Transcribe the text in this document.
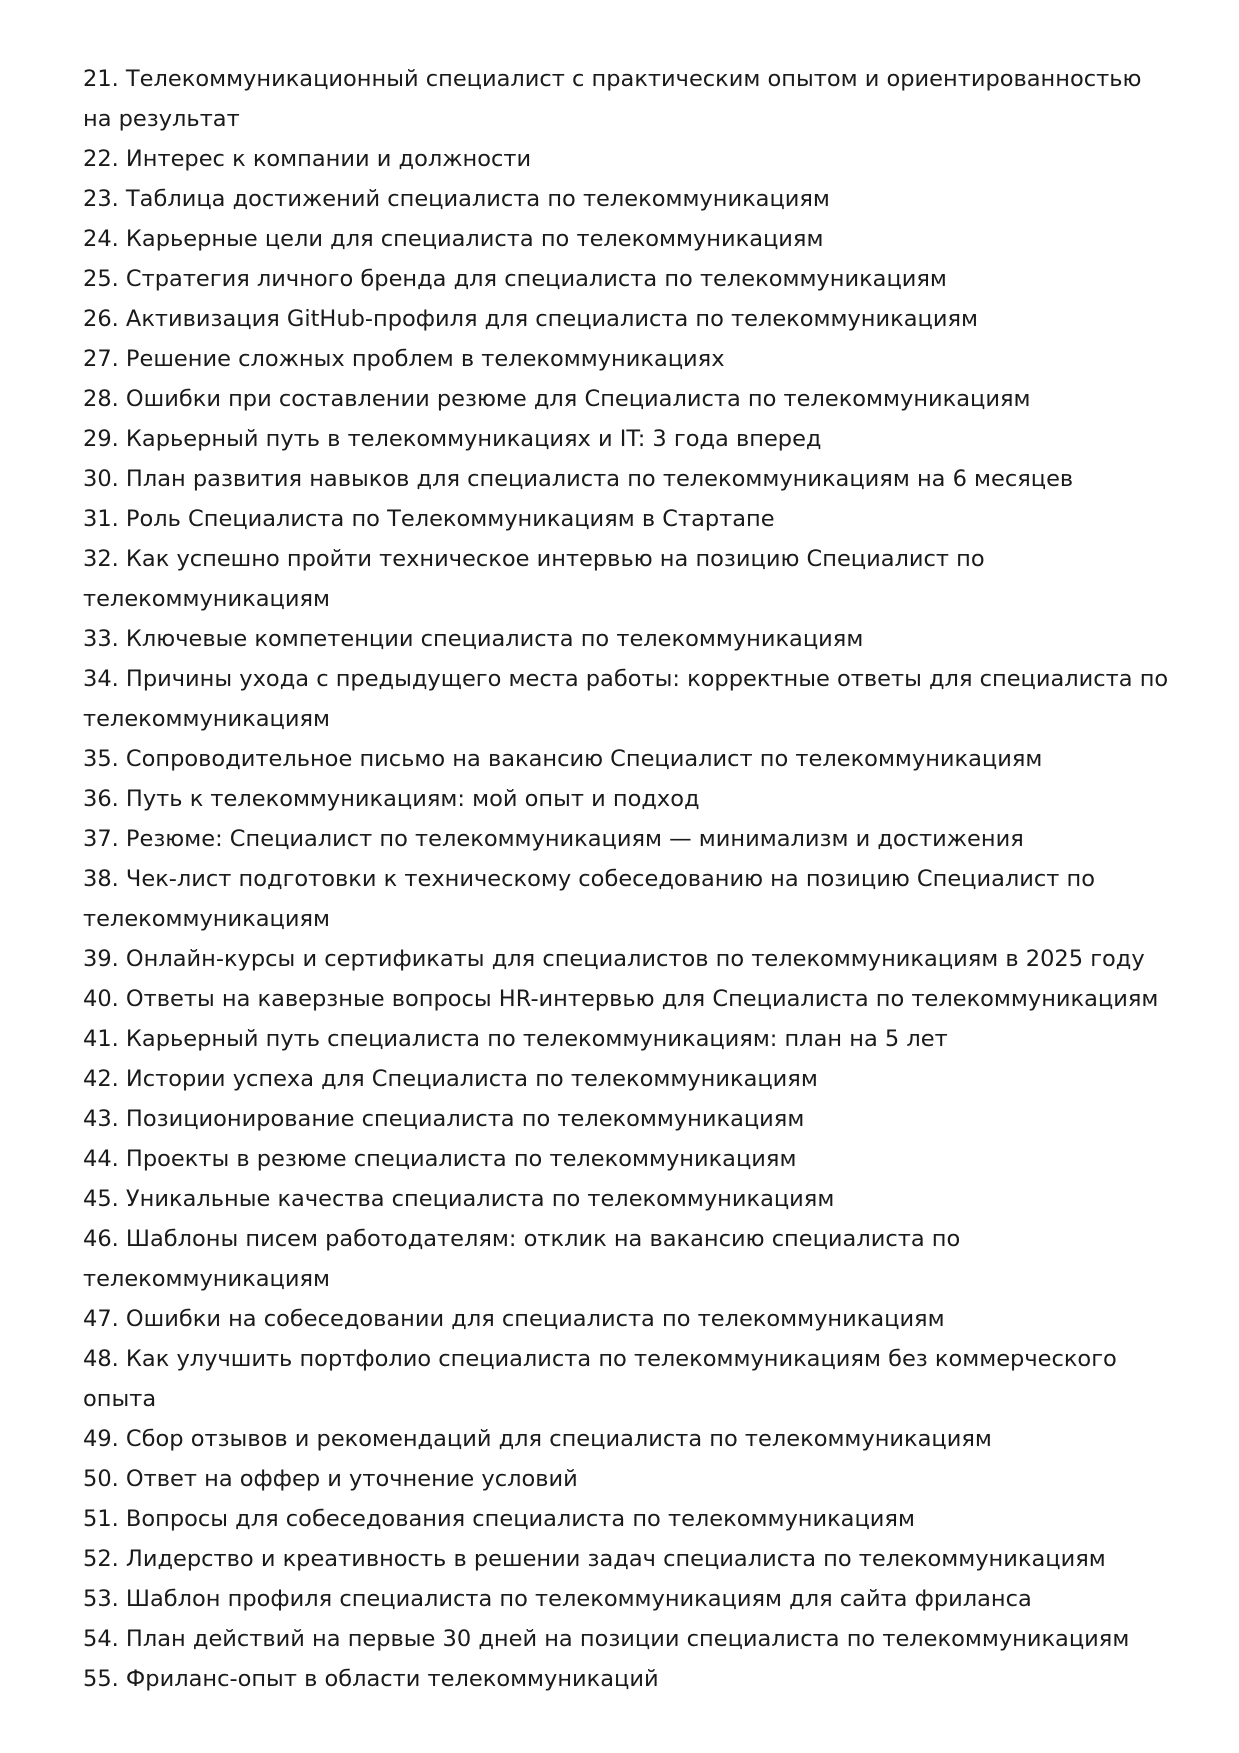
21. Телекоммуникационный специалист с практическим опытом и ориентированностью на результат
22. Интерес к компании и должности
23. Таблица достижений специалиста по телекоммуникациям
24. Карьерные цели для специалиста по телекоммуникациям
25. Стратегия личного бренда для специалиста по телекоммуникациям
26. Активизация GitHub-профиля для специалиста по телекоммуникациям
27. Решение сложных проблем в телекоммуникациях
28. Ошибки при составлении резюме для Специалиста по телекоммуникациям
29. Карьерный путь в телекоммуникациях и IT: 3 года вперед
30. План развития навыков для специалиста по телекоммуникациям на 6 месяцев
31. Роль Специалиста по Телекоммуникациям в Стартапе
32. Как успешно пройти техническое интервью на позицию Специалист по телекоммуникациям
33. Ключевые компетенции специалиста по телекоммуникациям
34. Причины ухода с предыдущего места работы: корректные ответы для специалиста по телекоммуникациям
35. Сопроводительное письмо на вакансию Специалист по телекоммуникациям
36. Путь к телекоммуникациям: мой опыт и подход
37. Резюме: Специалист по телекоммуникациям — минимализм и достижения
38. Чек-лист подготовки к техническому собеседованию на позицию Специалист по телекоммуникациям
39. Онлайн-курсы и сертификаты для специалистов по телекоммуникациям в 2025 году
40. Ответы на каверзные вопросы HR-интервью для Специалиста по телекоммуникациям
41. Карьерный путь специалиста по телекоммуникациям: план на 5 лет
42. Истории успеха для Специалиста по телекоммуникациям
43. Позиционирование специалиста по телекоммуникациям
44. Проекты в резюме специалиста по телекоммуникациям
45. Уникальные качества специалиста по телекоммуникациям
46. Шаблоны писем работодателям: отклик на вакансию специалиста по телекоммуникациям
47. Ошибки на собеседовании для специалиста по телекоммуникациям
48. Как улучшить портфолио специалиста по телекоммуникациям без коммерческого опыта
49. Сбор отзывов и рекомендаций для специалиста по телекоммуникациям
50. Ответ на оффер и уточнение условий
51. Вопросы для собеседования специалиста по телекоммуникациям
52. Лидерство и креативность в решении задач специалиста по телекоммуникациям
53. Шаблон профиля специалиста по телекоммуникациям для сайта фриланса
54. План действий на первые 30 дней на позиции специалиста по телекоммуникациям
55. Фриланс-опыт в области телекоммуникаций
